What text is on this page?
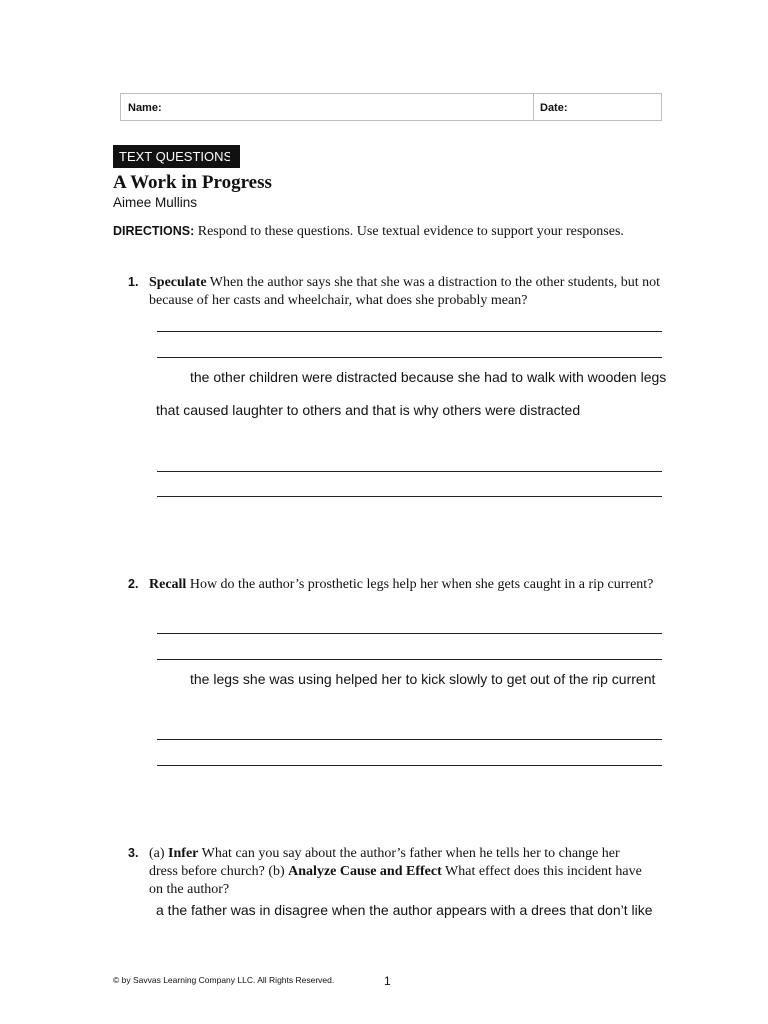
Name:	Date:
TEXT QUESTIONS
A Work in Progress
Aimee Mullins
DIRECTIONS: Respond to these questions. Use textual evidence to support your responses.
1. Speculate When the author says she that she was a distraction to the other students, but not because of her casts and wheelchair, what does she probably mean?
the other children were distracted because she had to walk with wooden legs
that caused laughter to others and that is why others were distracted
2. Recall How do the author’s prosthetic legs help her when she gets caught in a rip current?
the legs she was using helped her to kick slowly to get out of the rip current
3. (a) Infer What can you say about the author’s father when he tells her to change her dress before church? (b) Analyze Cause and Effect What effect does this incident have on the author?
a the father was in disagree when the author appears with a drees that don’t like
© by Savvas Learning Company LLC. All Rights Reserved.	1
